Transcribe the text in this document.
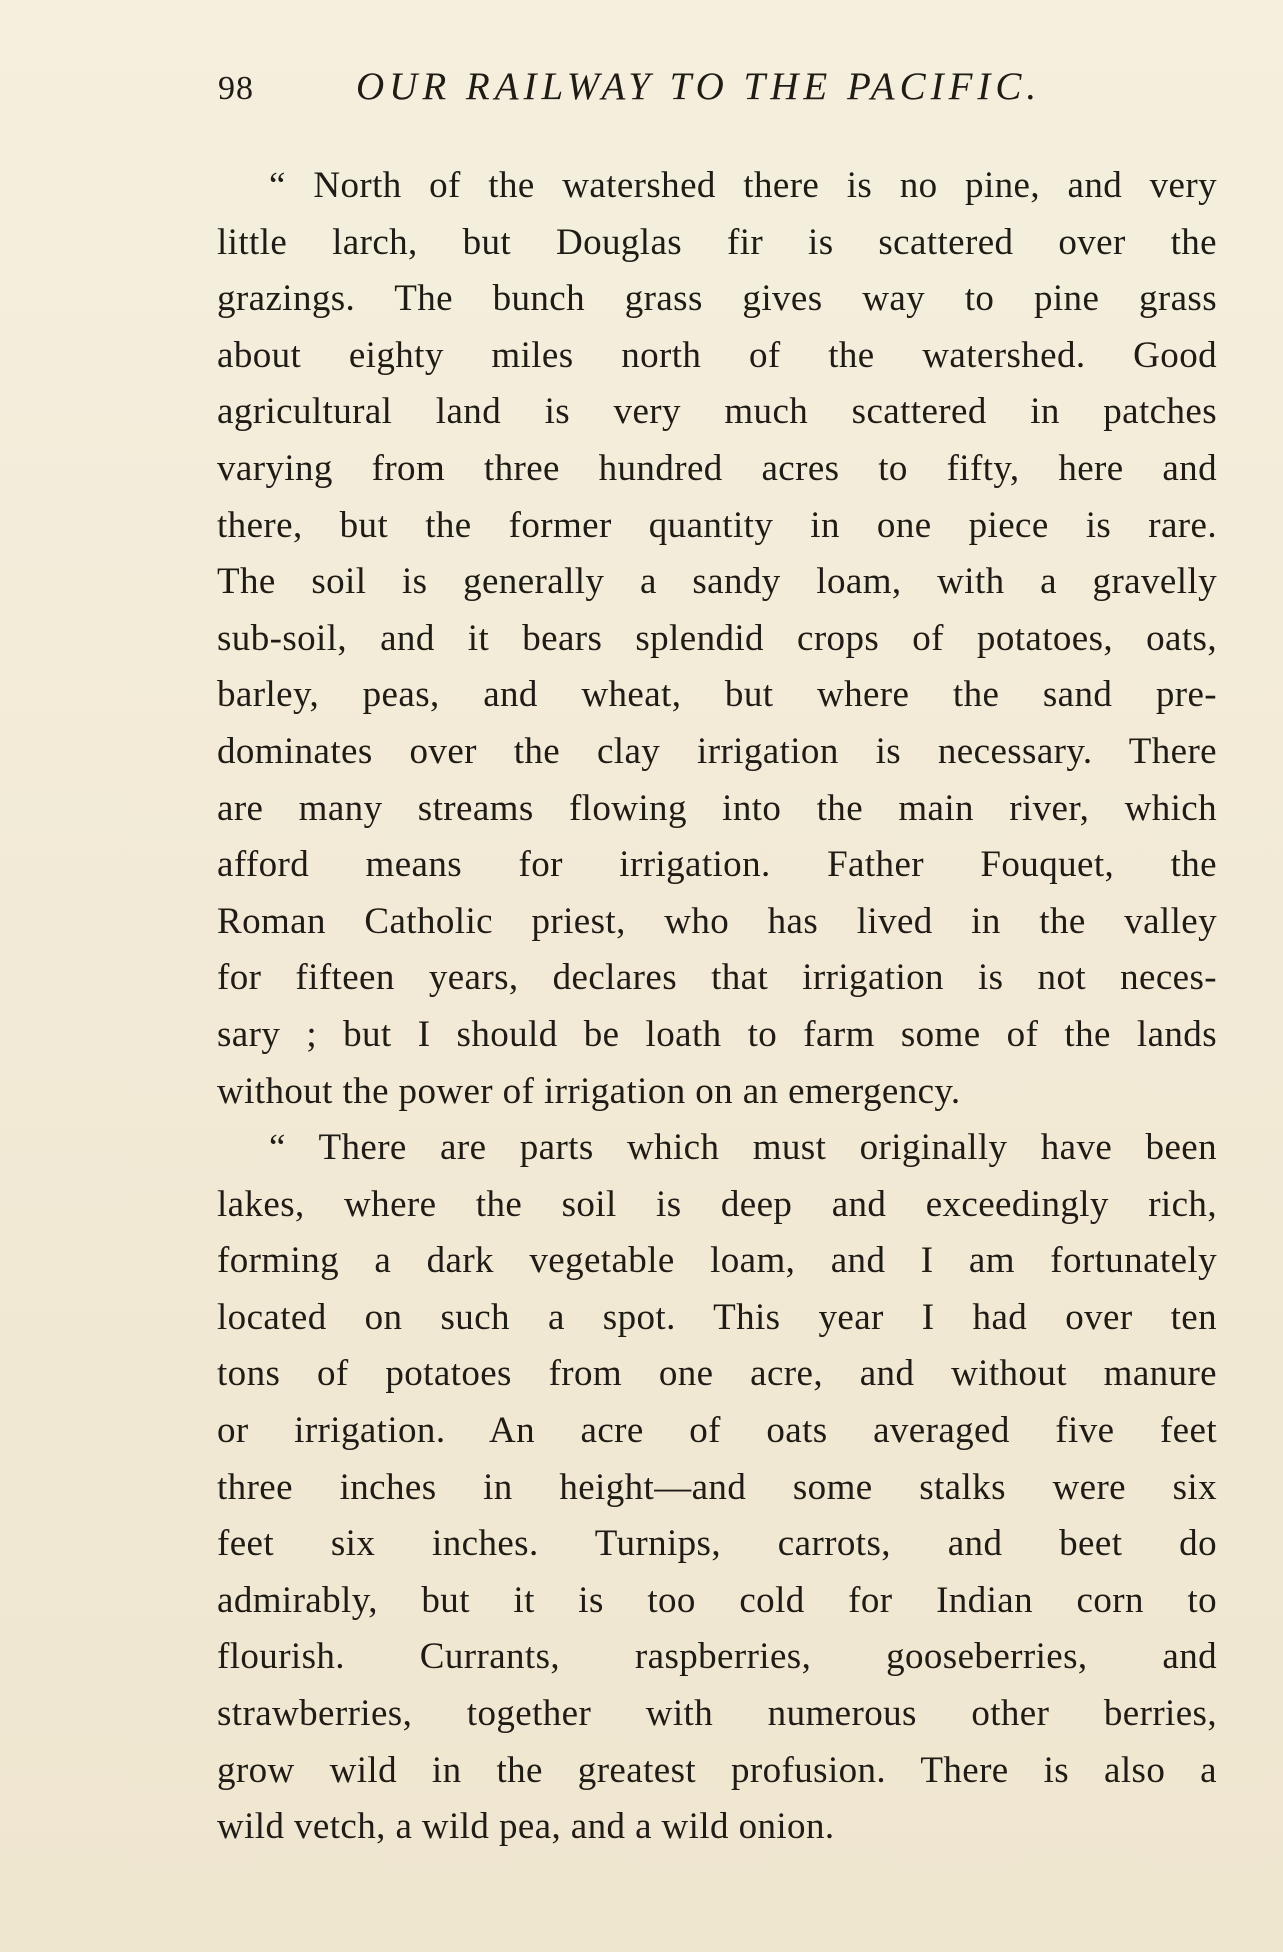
98	OUR RAILWAY TO THE PACIFIC.
“ North of the watershed there is no pine, and very
little larch, but Douglas fir is scattered over the
grazings. The bunch grass gives way to pine grass
about eighty miles north of the watershed. Good
agricultural land is very much scattered in patches
varying from three hundred acres to fifty, here and
there, but the former quantity in one piece is rare.
The soil is generally a sandy loam, with a gravelly
sub-soil, and it bears splendid crops of potatoes, oats,
barley, peas, and wheat, but where the sand pre-
dominates over the clay irrigation is necessary. There
are many streams flowing into the main river, which
afford means for irrigation. Father Fouquet, the
Roman Catholic priest, who has lived in the valley
for fifteen years, declares that irrigation is not neces-
sary ; but I should be loath to farm some of the lands
without the power of irrigation on an emergency.
“ There are parts which must originally have been
lakes, where the soil is deep and exceedingly rich,
forming a dark vegetable loam, and I am fortunately
located on such a spot. This year I had over ten
tons of potatoes from one acre, and without manure
or irrigation. An acre of oats averaged five feet
three inches in height—and some stalks were six
feet six inches. Turnips, carrots, and beet do
admirably, but it is too cold for Indian corn to
flourish. Currants, raspberries, gooseberries, and
strawberries, together with numerous other berries,
grow wild in the greatest profusion. There is also a
wild vetch, a wild pea, and a wild onion.
